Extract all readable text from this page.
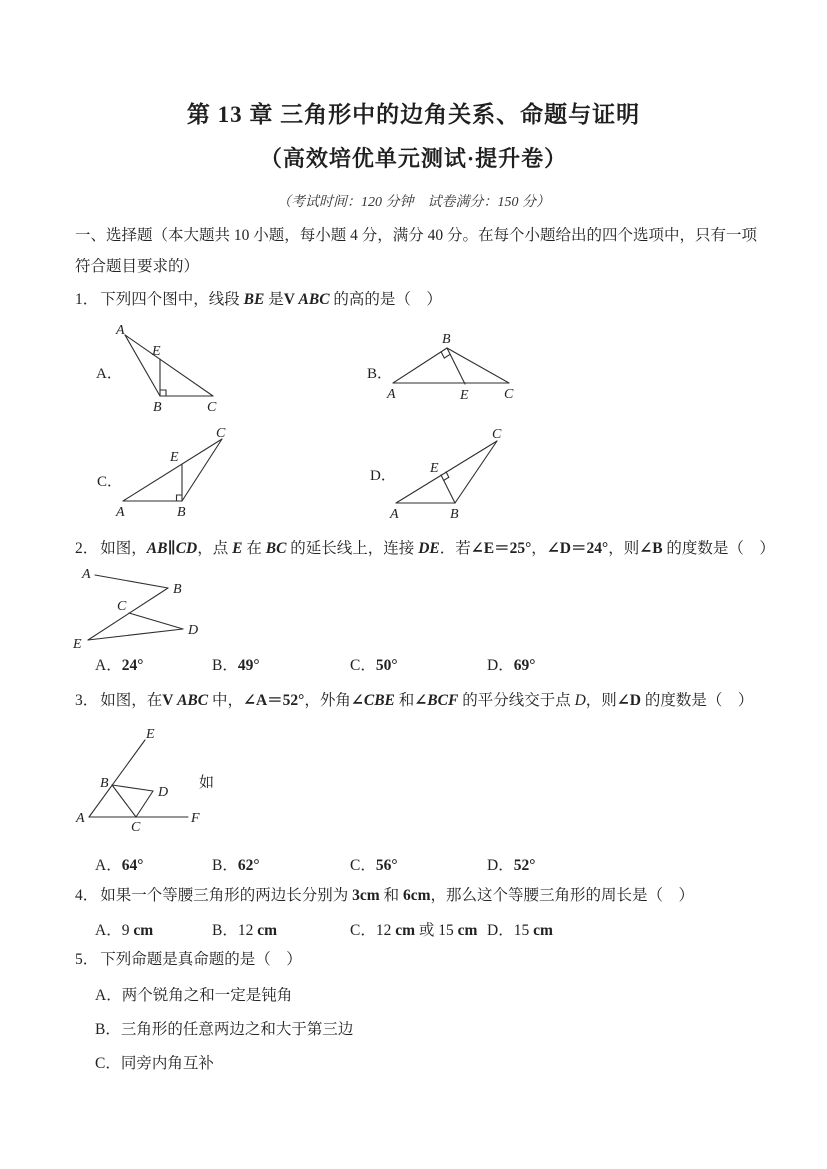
第 13 章 三角形中的边角关系、命题与证明
（高效培优单元测试·提升卷）
（考试时间：120 分钟　试卷满分：150 分）
一、选择题（本大题共 10 小题，每小题 4 分，满分 40 分。在每个小题给出的四个选项中，只有一项符合题目要求的）
1． 下列四个图中，线段 BE 是V ABC 的高的是（　）
A．
A
E
B	C
B．
B
A	E	C
C．
A	B
E
C
D．
A	B
E
C
2． 如图，AB∥CD，点 E 在 BC 的延长线上，连接 DE．若∠E＝25°，∠D＝24°，则∠B 的度数是（　）
A
B
C
D
E
A．24°	B．49°	C．50°	D．69°
3． 如图，在V ABC 中，∠A＝52°，外角∠CBE 和∠BCF 的平分线交于点 D，则∠D 的度数是（　）
E
B
D
A
C
F
如
A．64°	B．62°	C．56°	D．52°
4． 如果一个等腰三角形的两边长分别为 3cm 和 6cm，那么这个等腰三角形的周长是（　）
A．9 cm	B．12 cm	C．12 cm 或 15 cm D．15 cm
5． 下列命题是真命题的是（　）
A．两个锐角之和一定是钝角
B．三角形的任意两边之和大于第三边
C．同旁内角互补
